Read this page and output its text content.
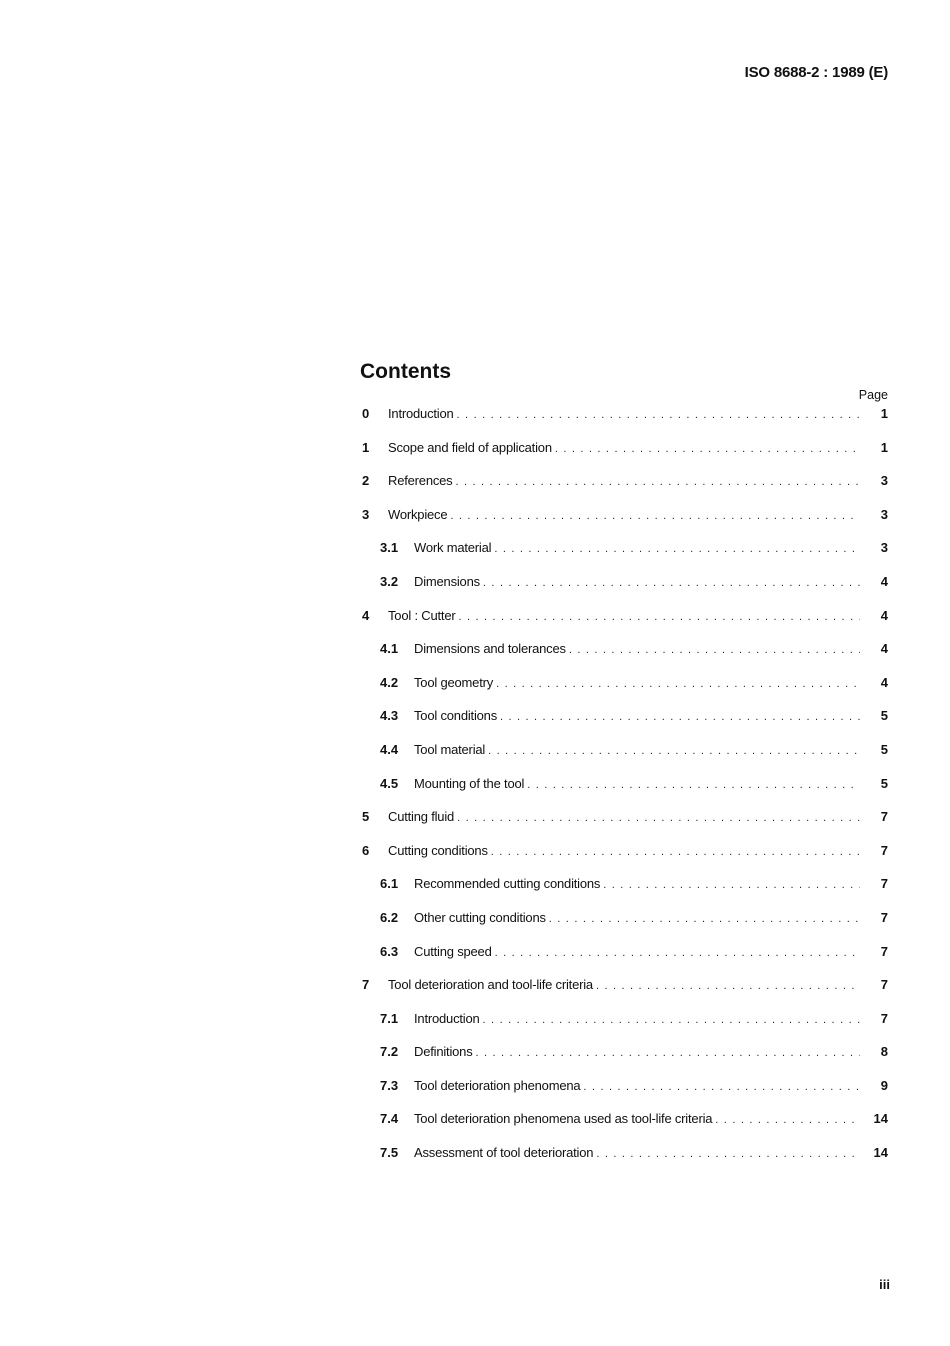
ISO 8688-2 : 1989 (E)
Contents
Page
0	Introduction . . .	1
1	Scope and field of application . . .	1
2	References . . .	3
3	Workpiece . . .	3
3.1	Work material . . .	3
3.2	Dimensions . . .	4
4	Tool : Cutter . . .	4
4.1	Dimensions and tolerances . . .	4
4.2	Tool geometry . . .	4
4.3	Tool conditions . . .	5
4.4	Tool material . . .	5
4.5	Mounting of the tool . . .	5
5	Cutting fluid . . .	7
6	Cutting conditions . . .	7
6.1	Recommended cutting conditions . . .	7
6.2	Other cutting conditions . . .	7
6.3	Cutting speed . . .	7
7	Tool deterioration and tool-life criteria . . .	7
7.1	Introduction . . .	7
7.2	Definitions . . .	8
7.3	Tool deterioration phenomena . . .	9
7.4	Tool deterioration phenomena used as tool-life criteria . . .	14
7.5	Assessment of tool deterioration . . .	14
iii
